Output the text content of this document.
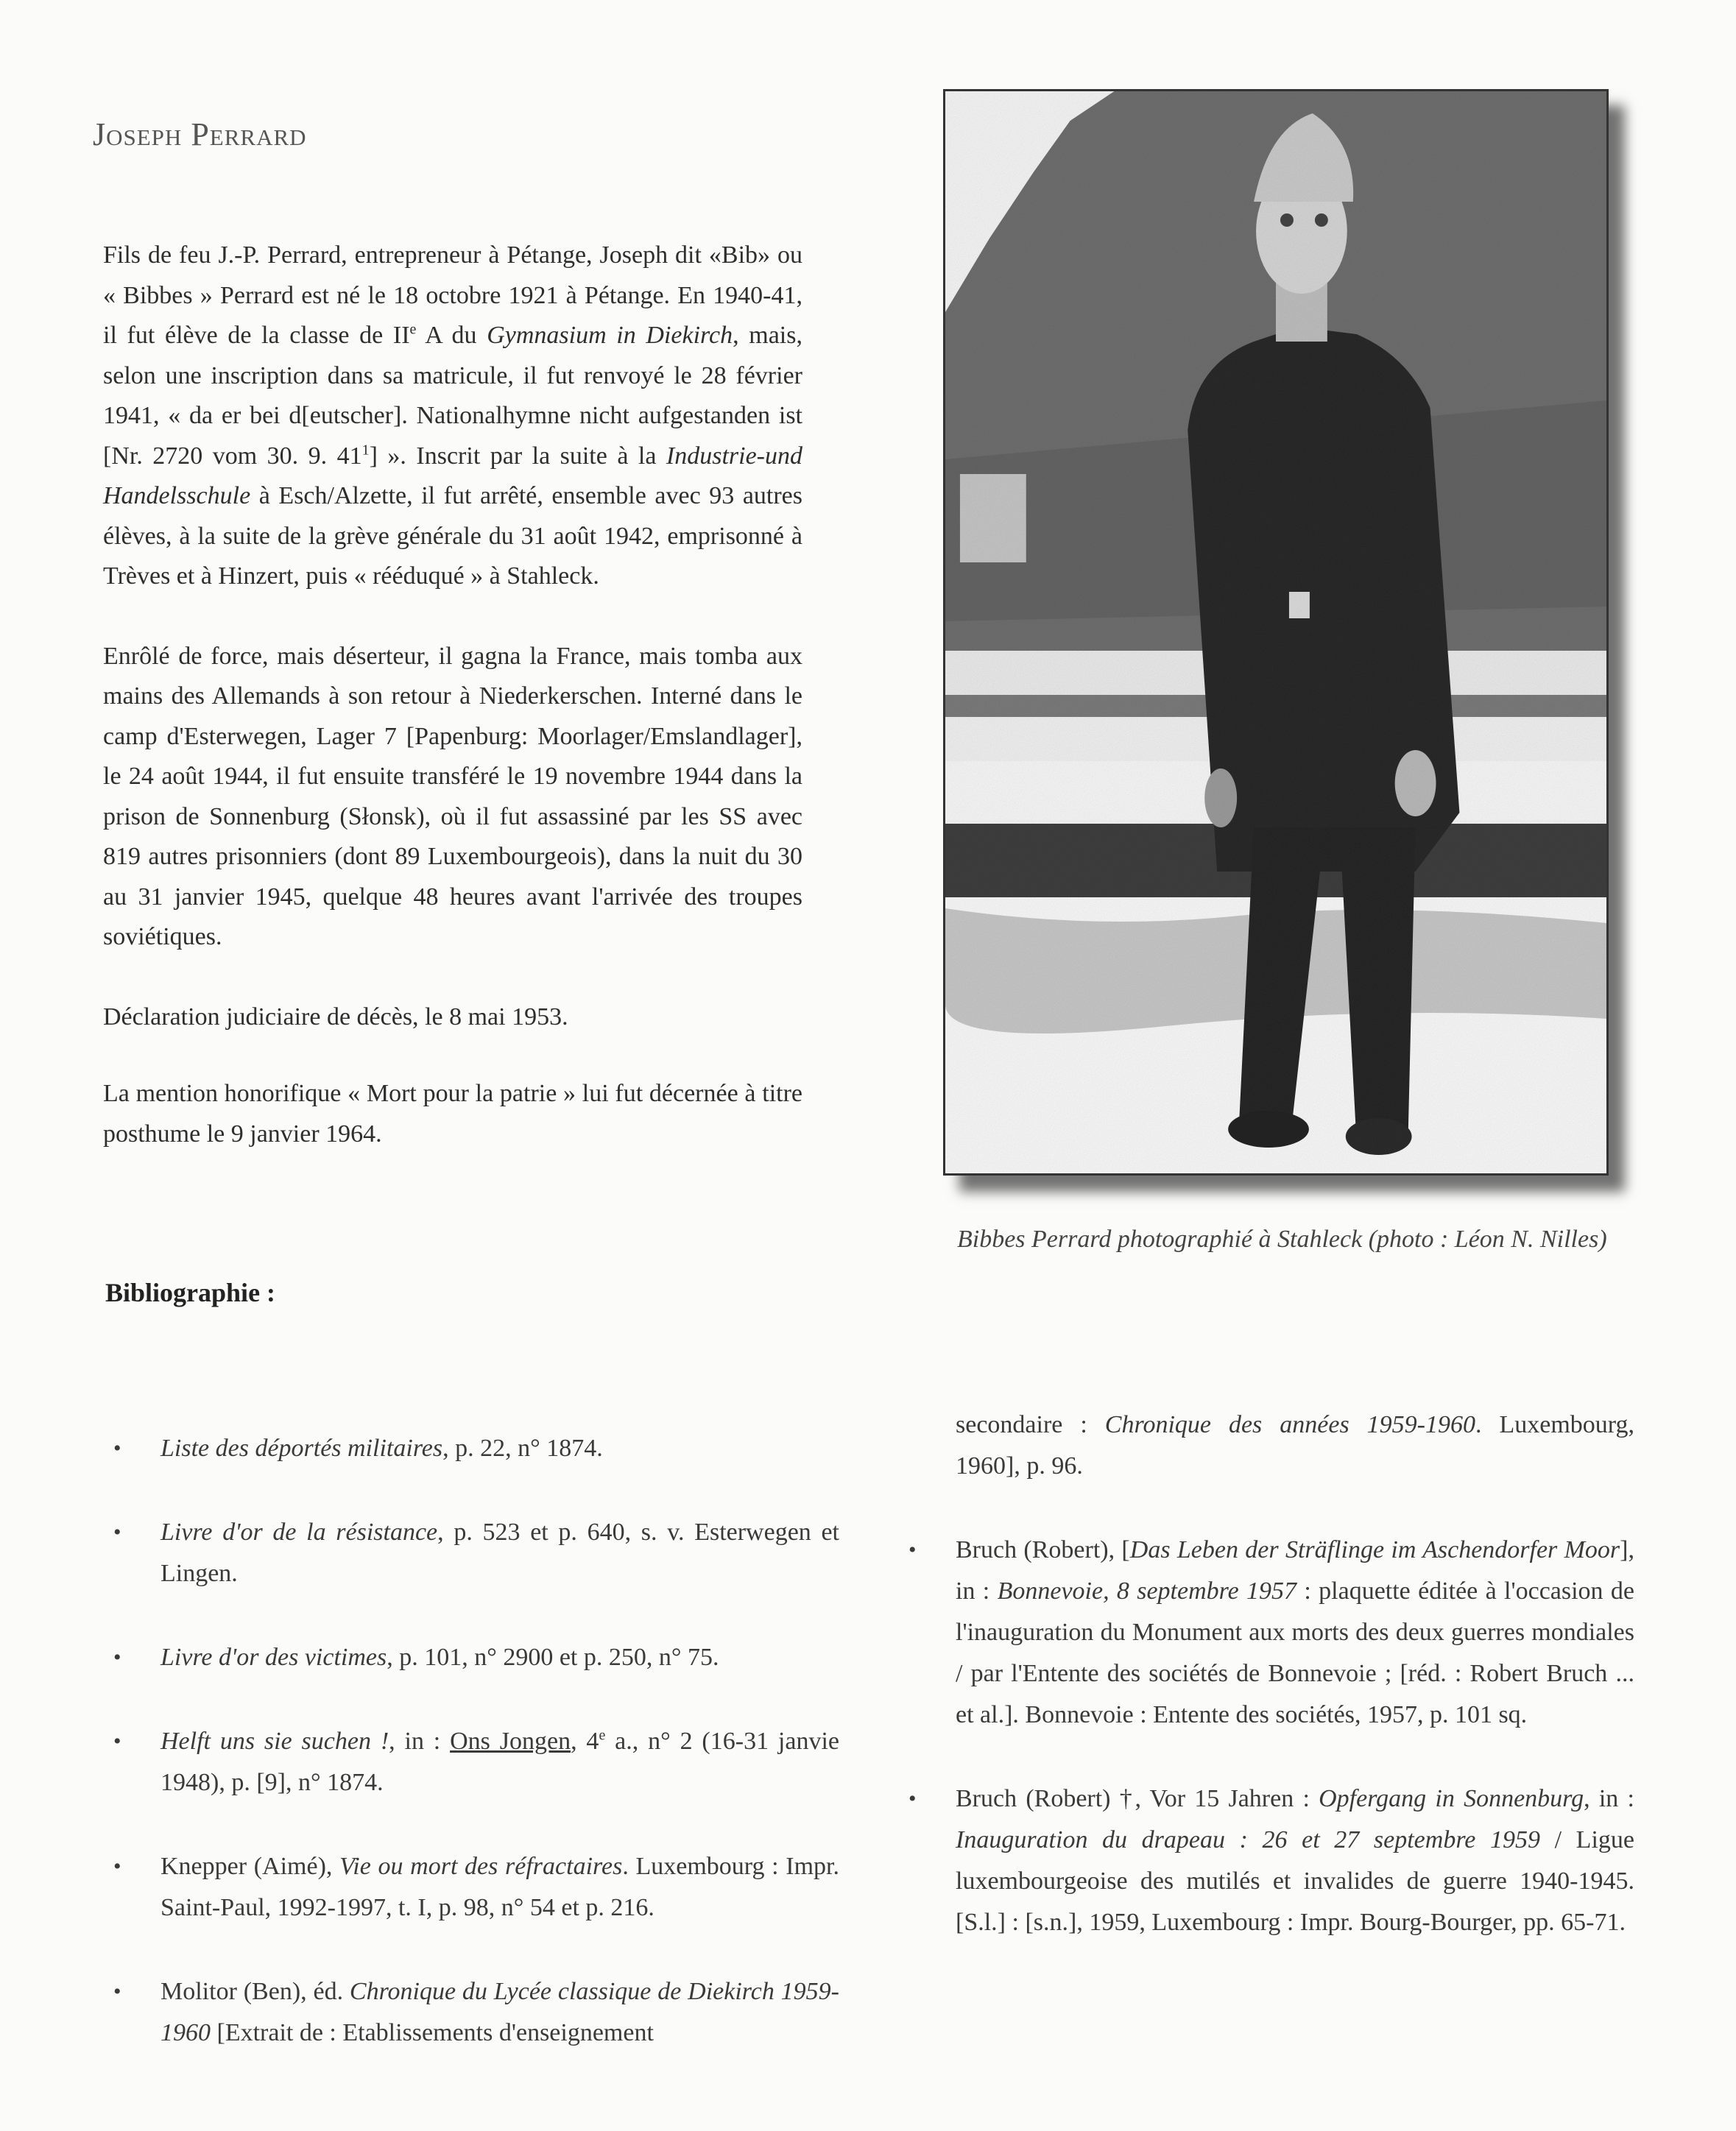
Joseph Perrard

Fils de feu J.-P. Perrard, entrepreneur à Pétange, Joseph dit «Bib» ou « Bibbes » Perrard est né le 18 octobre 1921 à Pétange. En 1940-41, il fut élève de la classe de IIe A du Gymnasium in Diekirch, mais, selon une inscription dans sa matricule, il fut renvoyé le 28 février 1941, « da er bei d[eutscher]. Nationalhymne nicht aufgestanden ist [Nr. 2720 vom 30. 9. $41^1$] ». Inscrit par la suite à la Industrie-und Handelsschule à Esch/Alzette, il fut arrêté, ensemble avec 93 autres élèves, à la suite de la grève générale du 31 août 1942, emprisonné à Trèves et à Hinzert, puis « rééduqué » à Stahleck.

Enrôlé de force, mais déserteur, il gagna la France, mais tomba aux mains des Allemands à son retour à Niederkerschen. Interné dans le camp d'Esterwegen, Lager 7 [Papenburg: Moorlager/Emslandlager], le 24 août 1944, il fut ensuite transféré le 19 novembre 1944 dans la prison de Sonnenburg (Słonsk), où il fut assassiné par les SS avec 819 autres prisonniers (dont 89 Luxembourgeois), dans la nuit du 30 au 31 janvier 1945, quelque 48 heures avant l'arrivée des troupes soviétiques.

Déclaration judiciaire de décès, le 8 mai 1953.

La mention honorifique « Mort pour la patrie » lui fut décernée à titre posthume le 9 janvier 1964.

Bibbes Perrard photographié à Stahleck (photo : Léon N. Nilles)
Bibliographie :
• Liste des déportés militaires, p. 22, n° 1874.
• Livre d'or de la résistance, p. 523 et p. 640, s. v. Esterwegen et Lingen.
• Livre d'or des victimes, p. 101, n° 2900 et p. 250, n° 75.
• Helft uns sie suchen !, in : Ons Jongen, 4e a., n° 2 (16-31 janvie 1948), p. [9], n° 1874.
• Knepper (Aimé), Vie ou mort des réfractaires. Luxembourg : Impr. Saint-Paul, 1992-1997, t. I, p. 98, n° 54 et p. 216.
• Molitor (Ben), éd. Chronique du Lycée classique de Diekirch 1959-1960 [Extrait de : Etablissements d'enseignement
secondaire : Chronique des années 1959-1960. Luxembourg, 1960], p. 96.
• Bruch (Robert), [Das Leben der Sträflinge im Aschendorfer Moor], in : Bonnevoie, 8 septembre 1957 : plaquette éditée à l'occasion de l'inauguration du Monument aux morts des deux guerres mondiales / par l'Entente des sociétés de Bonnevoie ; [réd. : Robert Bruch ... et al.]. Bonnevoie : Entente des sociétés, 1957, p. 101 sq.
• Bruch (Robert) †, Vor 15 Jahren : Opfergang in Sonnenburg, in : Inauguration du drapeau : 26 et 27 septembre 1959 / Ligue luxembourgeoise des mutilés et invalides de guerre 1940-1945. [S.l.] : [s.n.], 1959, Luxembourg : Impr. Bourg-Bourger, pp. 65-71.
